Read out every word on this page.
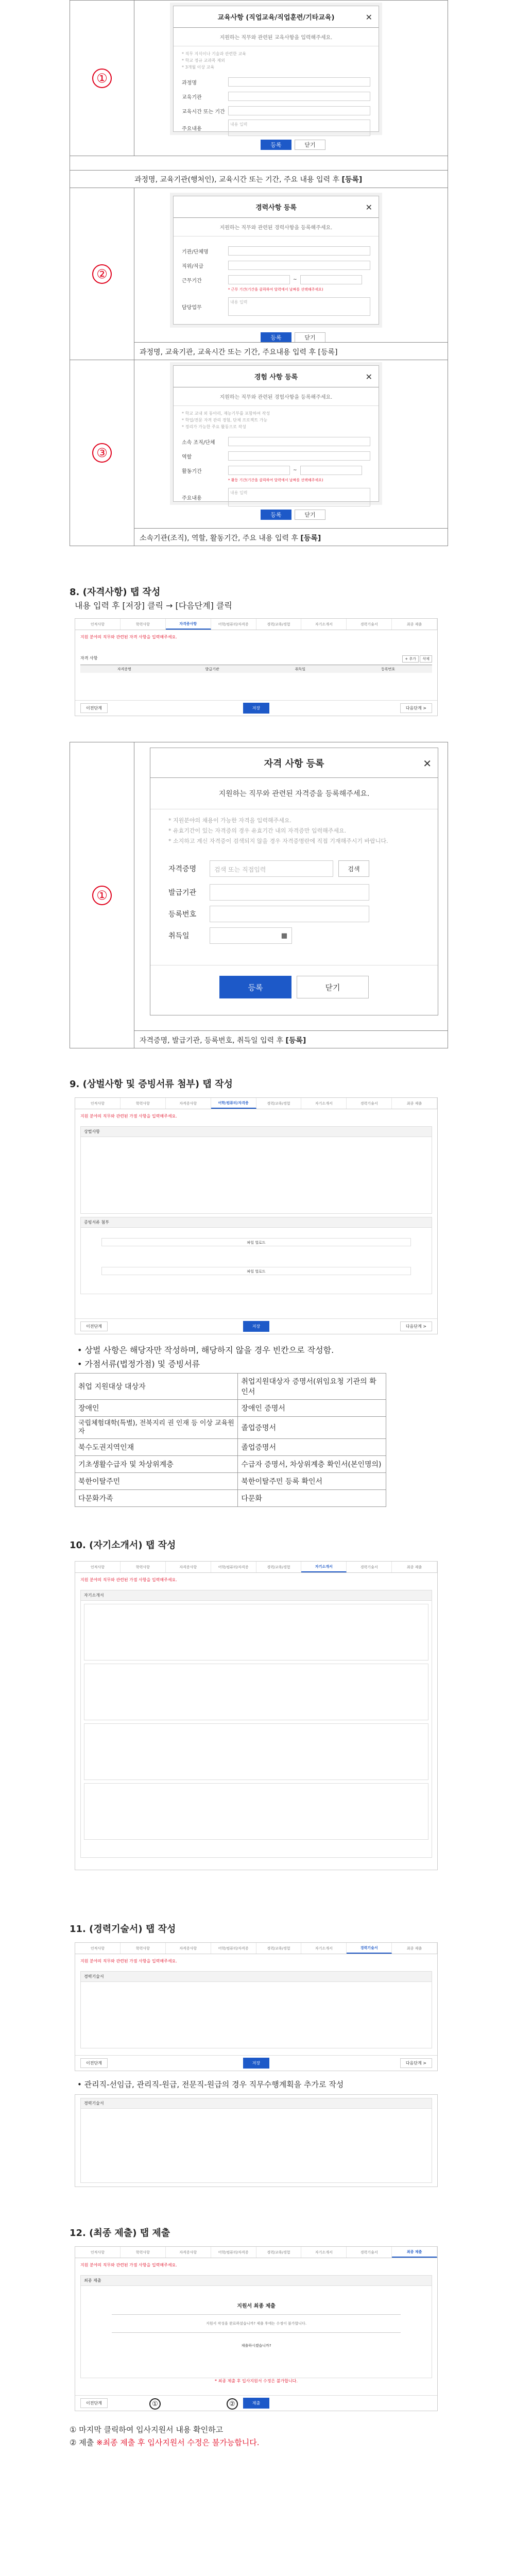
①
교육사항 (직업교육/직업훈련/기타교육)	✕
지원하는 직무와 관련된 교육사항을 입력해주세요.
* 직무 지식이나 기술과 관련한 교육
* 학교 정규 교과목 제외
* 3개월 이상 교육
과정명
교육기관
교육시간 또는 기간
주요내용
내용 입력
등록	닫기
과정명, 교육기관(행처인), 교육시간 또는 기간, 주요 내용 입력 후 [등록]
②
경력사항 등록	✕
지원하는 직무와 관련된 경력사항을 등록해주세요.
기관/단체명
직위/직급
근무기간	~
* 근무 기간(기간을 클릭하여 달력에서 날짜를 선택해주세요)
담당업무
내용 입력
등록	닫기
과정명, 교육기관, 교육시간 또는 기간, 주요내용 입력 후 [등록]
③
경험 사항 등록	✕
지원하는 직무와 관련된 경험사항을 등록해주세요.
* 학교 교내 외 동아리, 재능기부를 포함하여 작성
* 학업/전문 자격 관리 경험, 단체 프로젝트 가능
* 정리가 가능한 주요 활동으로 작성
소속 조직/단체
역할
활동기간	~
* 활동 기간(기간을 클릭하여 달력에서 날짜를 선택해주세요)
주요내용
내용 입력
등록	닫기
소속기관(조직), 역할, 활동기간, 주요 내용 입력 후 [등록]
8. (자격사항) 탭 작성
내용 입력 후 [저장] 클릭 → [다음단계] 클릭
인적사항	학력사항	자격증사항	어학/컴퓨터/자격증	경력/교육/경험	자기소개서	경력기술서	최종 제출
지원 분야의 직무와 관련된 자격 사항을 입력해주세요.
자격 사항	+ 추가 삭제
자격증명	발급기관	취득일	등록번호
이전단계	저장	다음단계 >
①
자격 사항 등록	✕
지원하는 직무와 관련된 자격증을 등록해주세요.
* 지원분야의 채용이 가능한 자격을 입력해주세요.
* 유효기간이 있는 자격증의 경우 유효기간 내의 자격증만 입력해주세요.
* 소지하고 계신 자격증이 검색되지 않을 경우 자격증명란에 직접 기재해주시기 바랍니다.
자격증명	검색 또는 직접입력	검색
발급기관
등록번호
취득일	▦
등록	닫기
자격증명, 발급기관, 등록번호, 취득일 입력 후 [등록]
9. (상벌사항 및 증빙서류 첨부) 탭 작성
인적사항	학력사항	자격증사항	어학/컴퓨터/자격증	경력/교육/경험	자기소개서	경력기술서	최종 제출
지원 분야의 직무와 관련된 가점 사항을 입력해주세요.
상벌사항
증빙서류 첨부
파일 업로드
파일 업로드
이전단계	저장	다음단계 >
• 상벌 사항은 해당자만 작성하며, 해당하지 않을 경우 빈칸으로 작성함.
• 가점서류(법정가점) 및 증빙서류
취업 지원대상 대상자	취업지원대상자 증명서(위임요청 기관의 확인서
장애인	장애인 증명서
국립체험대학(특별), 전북지리 권 인재 등 이상 교육원 자	졸업증명서
북수도권지역인재	졸업증명서
기초생활수급자 및 차상위계층	수급자 증명서, 차상위계층 확인서(본인명의)
북한이탈주민	북한이탈주민 등록 확인서
다문화가족	다문화
10. (자기소개서) 탭 작성
인적사항	학력사항	자격증사항	어학/컴퓨터/자격증	경력/교육/경험	자기소개서	경력기술서	최종 제출
지원 분야의 직무와 관련된 가점 사항을 입력해주세요.
자기소개서
11. (경력기술서) 탭 작성
인적사항	학력사항	자격증사항	어학/컴퓨터/자격증	경력/교육/경험	자기소개서	경력기술서	최종 제출
지원 분야의 직무와 관련된 가점 사항을 입력해주세요.
경력기술서
이전단계	저장	다음단계 >
• 관리직-선임급, 관리직-원급, 전문직-원급의 경우 직무수행계획을 추가로 작성
경력기술서
12. (최종 제출) 탭 제출
인적사항	학력사항	자격증사항	어학/컴퓨터/자격증	경력/교육/경험	자기소개서	경력기술서	최종 제출
지원 분야의 직무와 관련된 가점 사항을 입력해주세요.
최종 제출
지원서 최종 제출
지원서 작성을 완료하셨습니까? 제출 후에는 수정이 불가합니다.
제출하시겠습니까?
* 최종 제출 후 입사지원서 수정은 불가합니다.
이전단계	제출
①	②
① 마지막 클릭하여 입사지원서 내용 확인하고
② 제출 ※최종 제출 후 입사지원서 수정은 불가능합니다.
